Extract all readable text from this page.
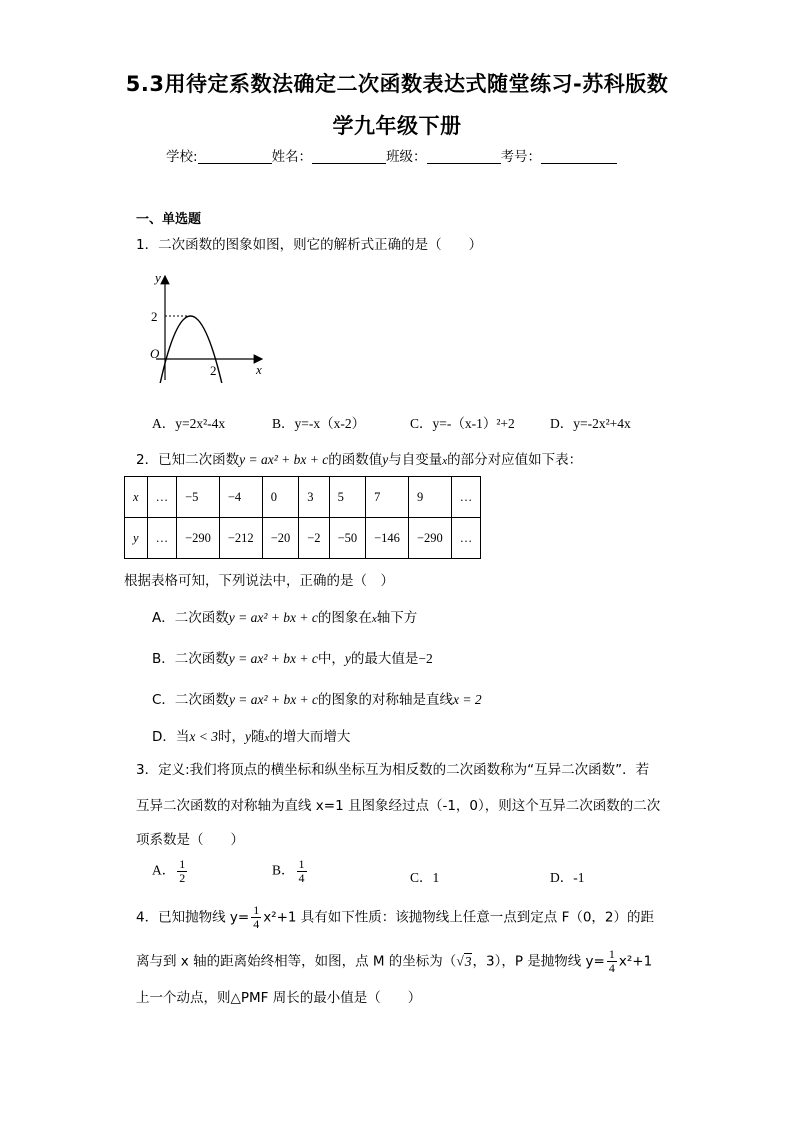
5.3用待定系数法确定二次函数表达式随堂练习-苏科版数
学九年级下册
学校:	姓名：	班级：	考号：
一、单选题
1．二次函数的图象如图，则它的解析式正确的是（　　）
y
x
O
2
2
A．y=2x²-4x	B．y=-x（x-2）	C．y=-（x-1）²+2	D．y=-2x²+4x
2．已知二次函数y = ax² + bx + c的函数值y与自变量x的部分对应值如下表：
x	…	−5	−4	0	3	5	7	9	…
y	…	−290	−212	−20	−2	−50	−146	−290	…
根据表格可知，下列说法中，正确的是（　）
A．二次函数y = ax² + bx + c的图象在x轴下方
B．二次函数y = ax² + bx + c中，y的最大值是−2
C．二次函数y = ax² + bx + c的图象的对称轴是直线x = 2
D．当x < 3时，y随x的增大而增大
3．定义:我们将顶点的横坐标和纵坐标互为相反数的二次函数称为“互异二次函数”．若
互异二次函数的对称轴为直线 x=1 且图象经过点（-1，0），则这个互异二次函数的二次
项系数是（　　）
A． $\frac{1}{2}$	B． $\frac{1}{4}$	C．1	D．-1
4．已知抛物线 $y= \frac{1}{4} x^2+1$ 具有如下性质：该抛物线上任意一点到定点 F（0，2）的距
离与到 x 轴的距离始终相等，如图，点 M 的坐标为（√3，3），P 是抛物线 $y= \frac{1}{4} x^2+1$
上一个动点，则△PMF 周长的最小值是（　　）
